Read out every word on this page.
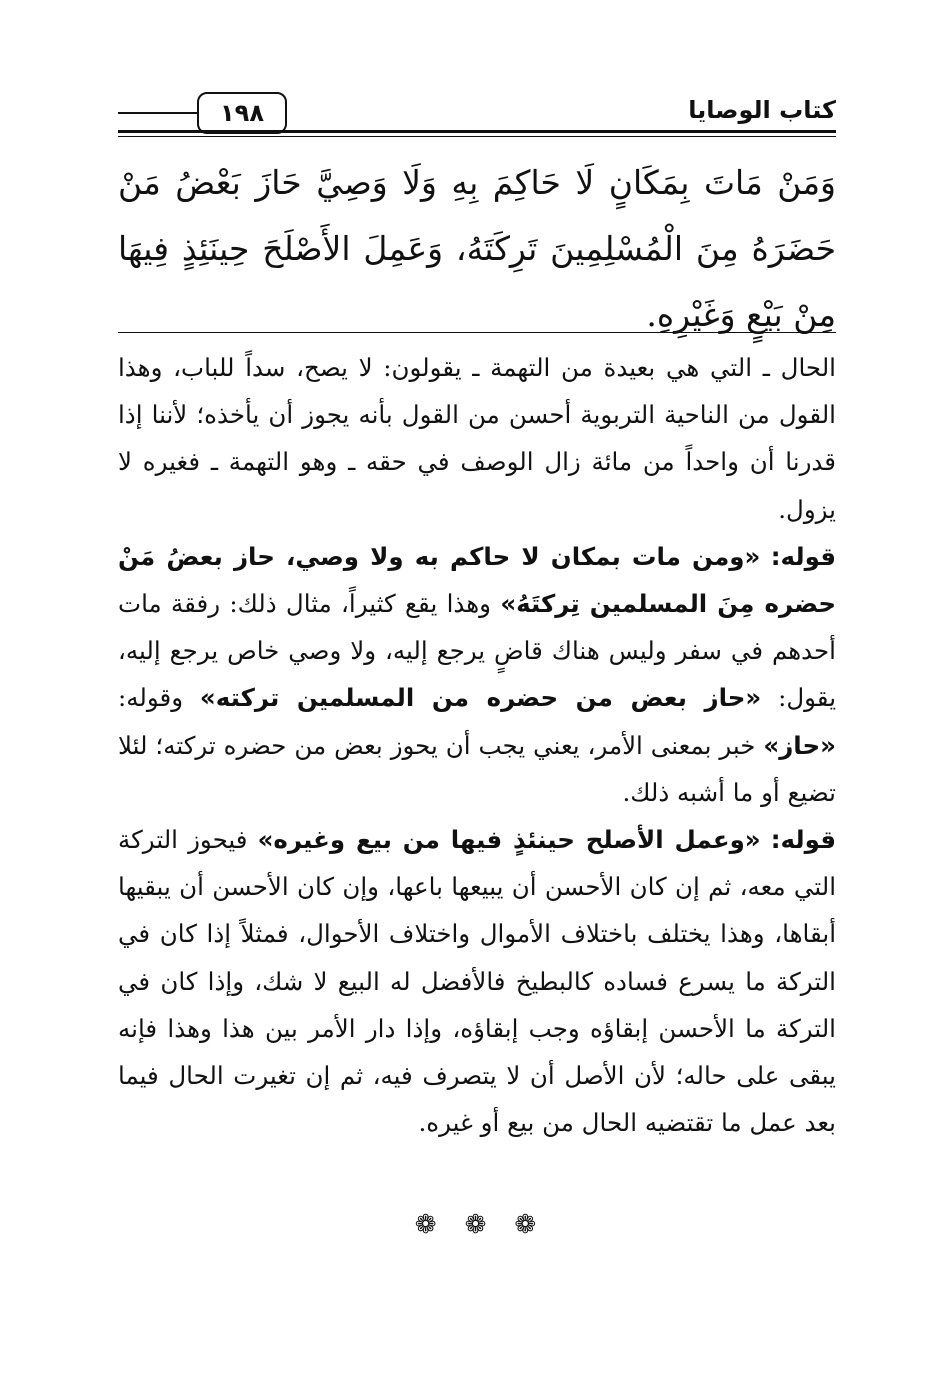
١٩٨	كتاب الوصايا
وَمَنْ مَاتَ بِمَكَانٍ لَا حَاكِمَ بِهِ وَلَا وَصِيَّ حَازَ بَعْضُ مَنْ حَضَرَهُ مِنَ الْمُسْلِمِينَ تَرِكَتَهُ، وَعَمِلَ الأَصْلَحَ حِينَئِذٍ فِيهَا مِنْ بَيْعٍ وَغَيْرِهِ.

الحال ـ التي هي بعيدة من التهمة ـ يقولون: لا يصح، سداً للباب، وهذا القول من الناحية التربوية أحسن من القول بأنه يجوز أن يأخذه؛ لأننا إذا قدرنا أن واحداً من مائة زال الوصف في حقه ـ وهو التهمة ـ فغيره لا يزول.

قوله: «ومن مات بمكان لا حاكم به ولا وصي، حاز بعضُ مَنْ حضره مِنَ المسلمين تِركتَهُ» وهذا يقع كثيراً، مثال ذلك: رفقة مات أحدهم في سفر وليس هناك قاضٍ يرجع إليه، ولا وصي خاص يرجع إليه، يقول: «حاز بعض من حضره من المسلمين تركته» وقوله: «حاز» خبر بمعنى الأمر، يعني يجب أن يحوز بعض من حضره تركته؛ لئلا تضيع أو ما أشبه ذلك.

قوله: «وعمل الأصلح حينئذٍ فيها من بيع وغيره» فيحوز التركة التي معه، ثم إن كان الأحسن أن يبيعها باعها، وإن كان الأحسن أن يبقيها أبقاها، وهذا يختلف باختلاف الأموال واختلاف الأحوال، فمثلاً إذا كان في التركة ما يسرع فساده كالبطيخ فالأفضل له البيع لا شك، وإذا كان في التركة ما الأحسن إبقاؤه وجب إبقاؤه، وإذا دار الأمر بين هذا وهذا فإنه يبقى على حاله؛ لأن الأصل أن لا يتصرف فيه، ثم إن تغيرت الحال فيما بعد عمل ما تقتضيه الحال من بيع أو غيره.

❁ ❁ ❁
